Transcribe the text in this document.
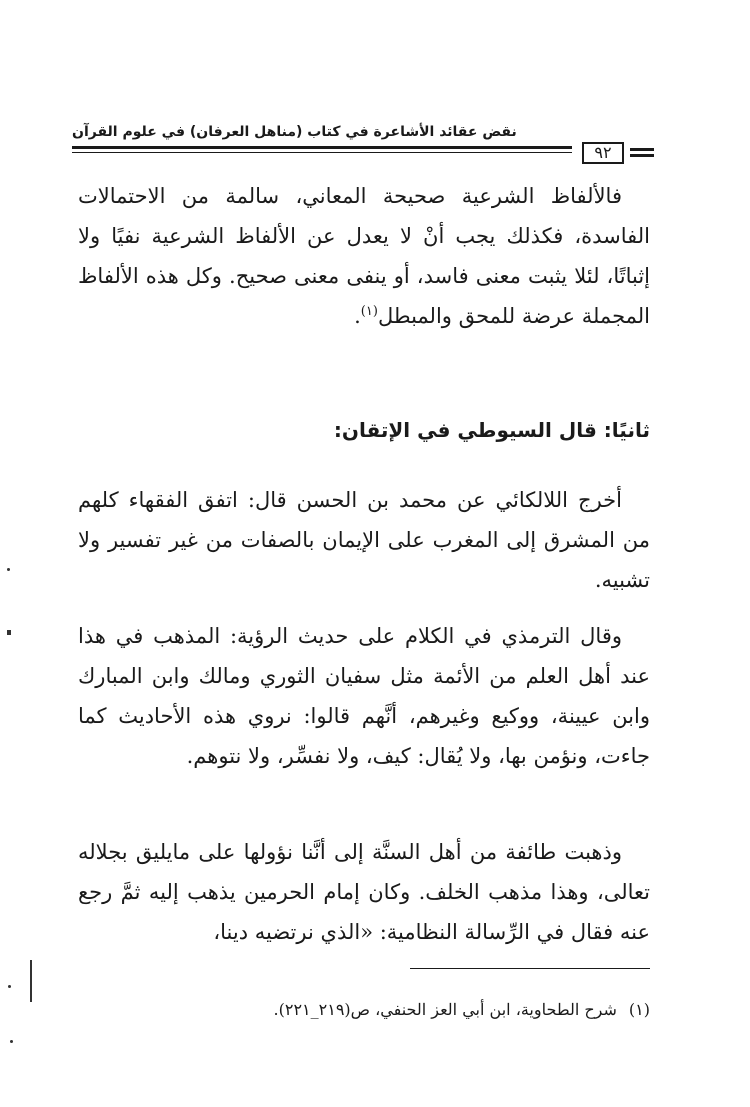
نقض عقائد الأشاعرة في كتاب (مناهل العرفان) في علوم القرآن
٩٢
فالألفاظ الشرعية صحيحة المعاني، سالمة من الاحتمالات الفاسدة، فكذلك يجب أنْ لا يعدل عن الألفاظ الشرعية نفيًا ولا إثباتًا، لئلا يثبت معنى فاسد، أو ينفى معنى صحيح. وكل هذه الألفاظ المجملة عرضة للمحق والمبطل$^{(١)}$.
ثانيًا: قال السيوطي في الإتقان:
أخرج اللالكائي عن محمد بن الحسن قال: اتفق الفقهاء كلهم من المشرق إلى المغرب على الإيمان بالصفات من غير تفسير ولا تشبيه.
وقال الترمذي في الكلام على حديث الرؤية: المذهب في هذا عند أهل العلم من الأئمة مثل سفيان الثوري ومالك وابن المبارك وابن عيينة، ووكيع وغيرهم، أنَّهم قالوا: نروي هذه الأحاديث كما جاءت، ونؤمن بها، ولا يُقال: كيف، ولا نفسِّر، ولا نتوهم.
وذهبت طائفة من أهل السنَّة إلى أنَّنا نؤولها على مايليق بجلاله تعالى، وهذا مذهب الخلف. وكان إمام الحرمين يذهب إليه ثمَّ رجع عنه فقال في الرِّسالة النظامية: «الذي نرتضيه دينا،
(١)شرح الطحاوية، ابن أبي العز الحنفي، ص(٢١٩_٢٢١).
